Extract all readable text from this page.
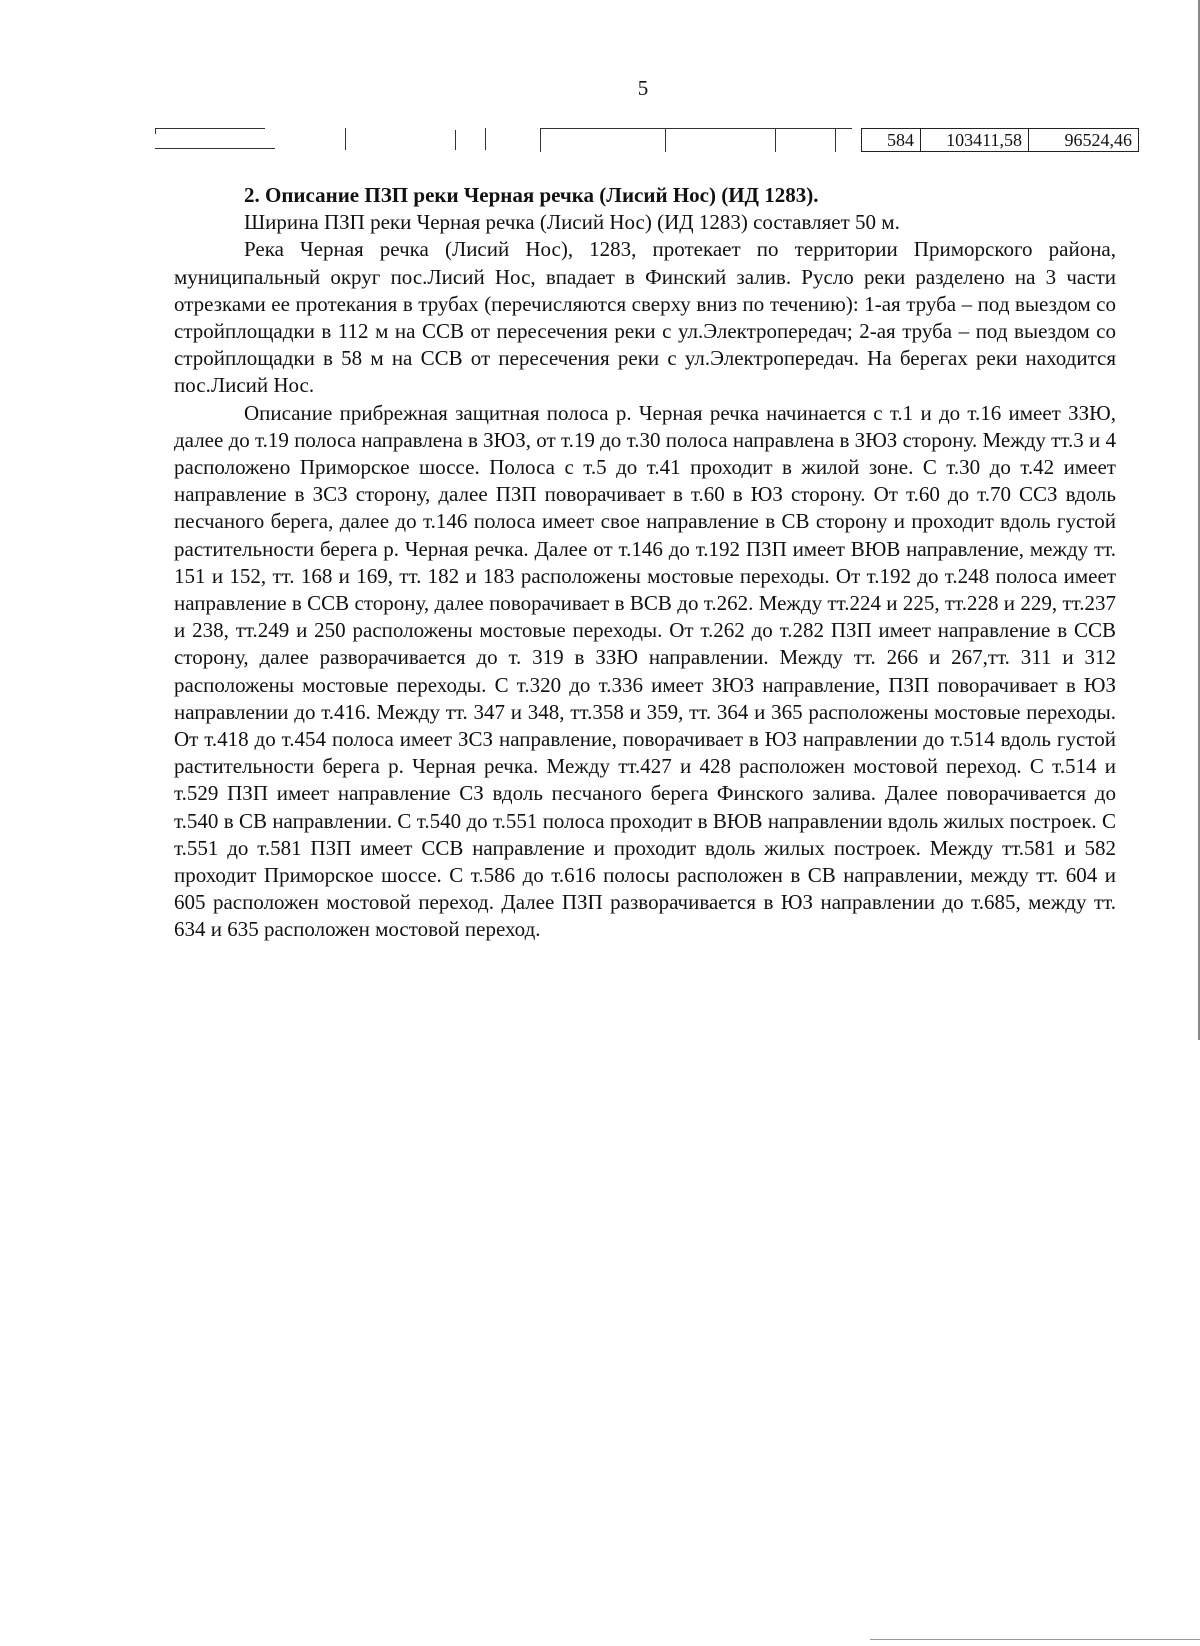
5
584	103411,58	96524,46

2. Описание ПЗП реки Черная речка (Лисий Нос) (ИД 1283).

Ширина ПЗП реки Черная речка (Лисий Нос) (ИД 1283) составляет 50 м.

Река Черная речка (Лисий Нос), 1283, протекает по территории Приморского района, муниципальный округ пос.Лисий Нос, впадает в Финский залив. Русло реки разделено на 3 части отрезками ее протекания в трубах (перечисляются сверху вниз по течению): 1-ая труба – под выездом со стройплощадки в 112 м на ССВ от пересечения реки с ул.Электропередач; 2-ая труба – под выездом со стройплощадки в 58 м на ССВ от пересечения реки с ул.Электропередач. На берегах реки находится пос.Лисий Нос.

Описание прибрежная защитная полоса р. Черная речка начинается с т.1 и до т.16 имеет ЗЗЮ, далее до т.19 полоса направлена в ЗЮЗ, от т.19 до т.30 полоса направлена в ЗЮЗ сторону. Между тт.3 и 4 расположено Приморское шоссе. Полоса с т.5 до т.41 проходит в жилой зоне. С т.30 до т.42 имеет направление в ЗСЗ сторону, далее ПЗП поворачивает в т.60 в ЮЗ сторону. От т.60 до т.70 ССЗ вдоль песчаного берега, далее до т.146 полоса имеет свое направление в СВ сторону и проходит вдоль густой растительности берега р. Черная речка. Далее от т.146 до т.192 ПЗП имеет ВЮВ направление, между тт. 151 и 152, тт. 168 и 169, тт. 182 и 183 расположены мостовые переходы. От т.192 до т.248 полоса имеет направление в ССВ сторону, далее поворачивает в ВСВ до т.262. Между тт.224 и 225, тт.228 и 229, тт.237 и 238, тт.249 и 250 расположены мостовые переходы. От т.262 до т.282 ПЗП имеет направление в ССВ сторону, далее разворачивается до т. 319 в ЗЗЮ направлении. Между тт. 266 и 267,тт. 311 и 312 расположены мостовые переходы. С т.320 до т.336 имеет ЗЮЗ направление, ПЗП поворачивает в ЮЗ направлении до т.416. Между тт. 347 и 348, тт.358 и 359, тт. 364 и 365 расположены мостовые переходы. От т.418 до т.454 полоса имеет ЗСЗ направление, поворачивает в ЮЗ направлении до т.514 вдоль густой растительности берега р. Черная речка. Между тт.427 и 428 расположен мостовой переход. С т.514 и т.529 ПЗП имеет направление СЗ вдоль песчаного берега Финского залива. Далее поворачивается до т.540 в СВ направлении. С т.540 до т.551 полоса проходит в ВЮВ направлении вдоль жилых построек. С т.551 до т.581 ПЗП имеет ССВ направление и проходит вдоль жилых построек. Между тт.581 и 582 проходит Приморское шоссе. С т.586 до т.616 полосы расположен в СВ направлении, между тт. 604 и 605 расположен мостовой переход. Далее ПЗП разворачивается в ЮЗ направлении до т.685, между тт. 634 и 635 расположен мостовой переход.
